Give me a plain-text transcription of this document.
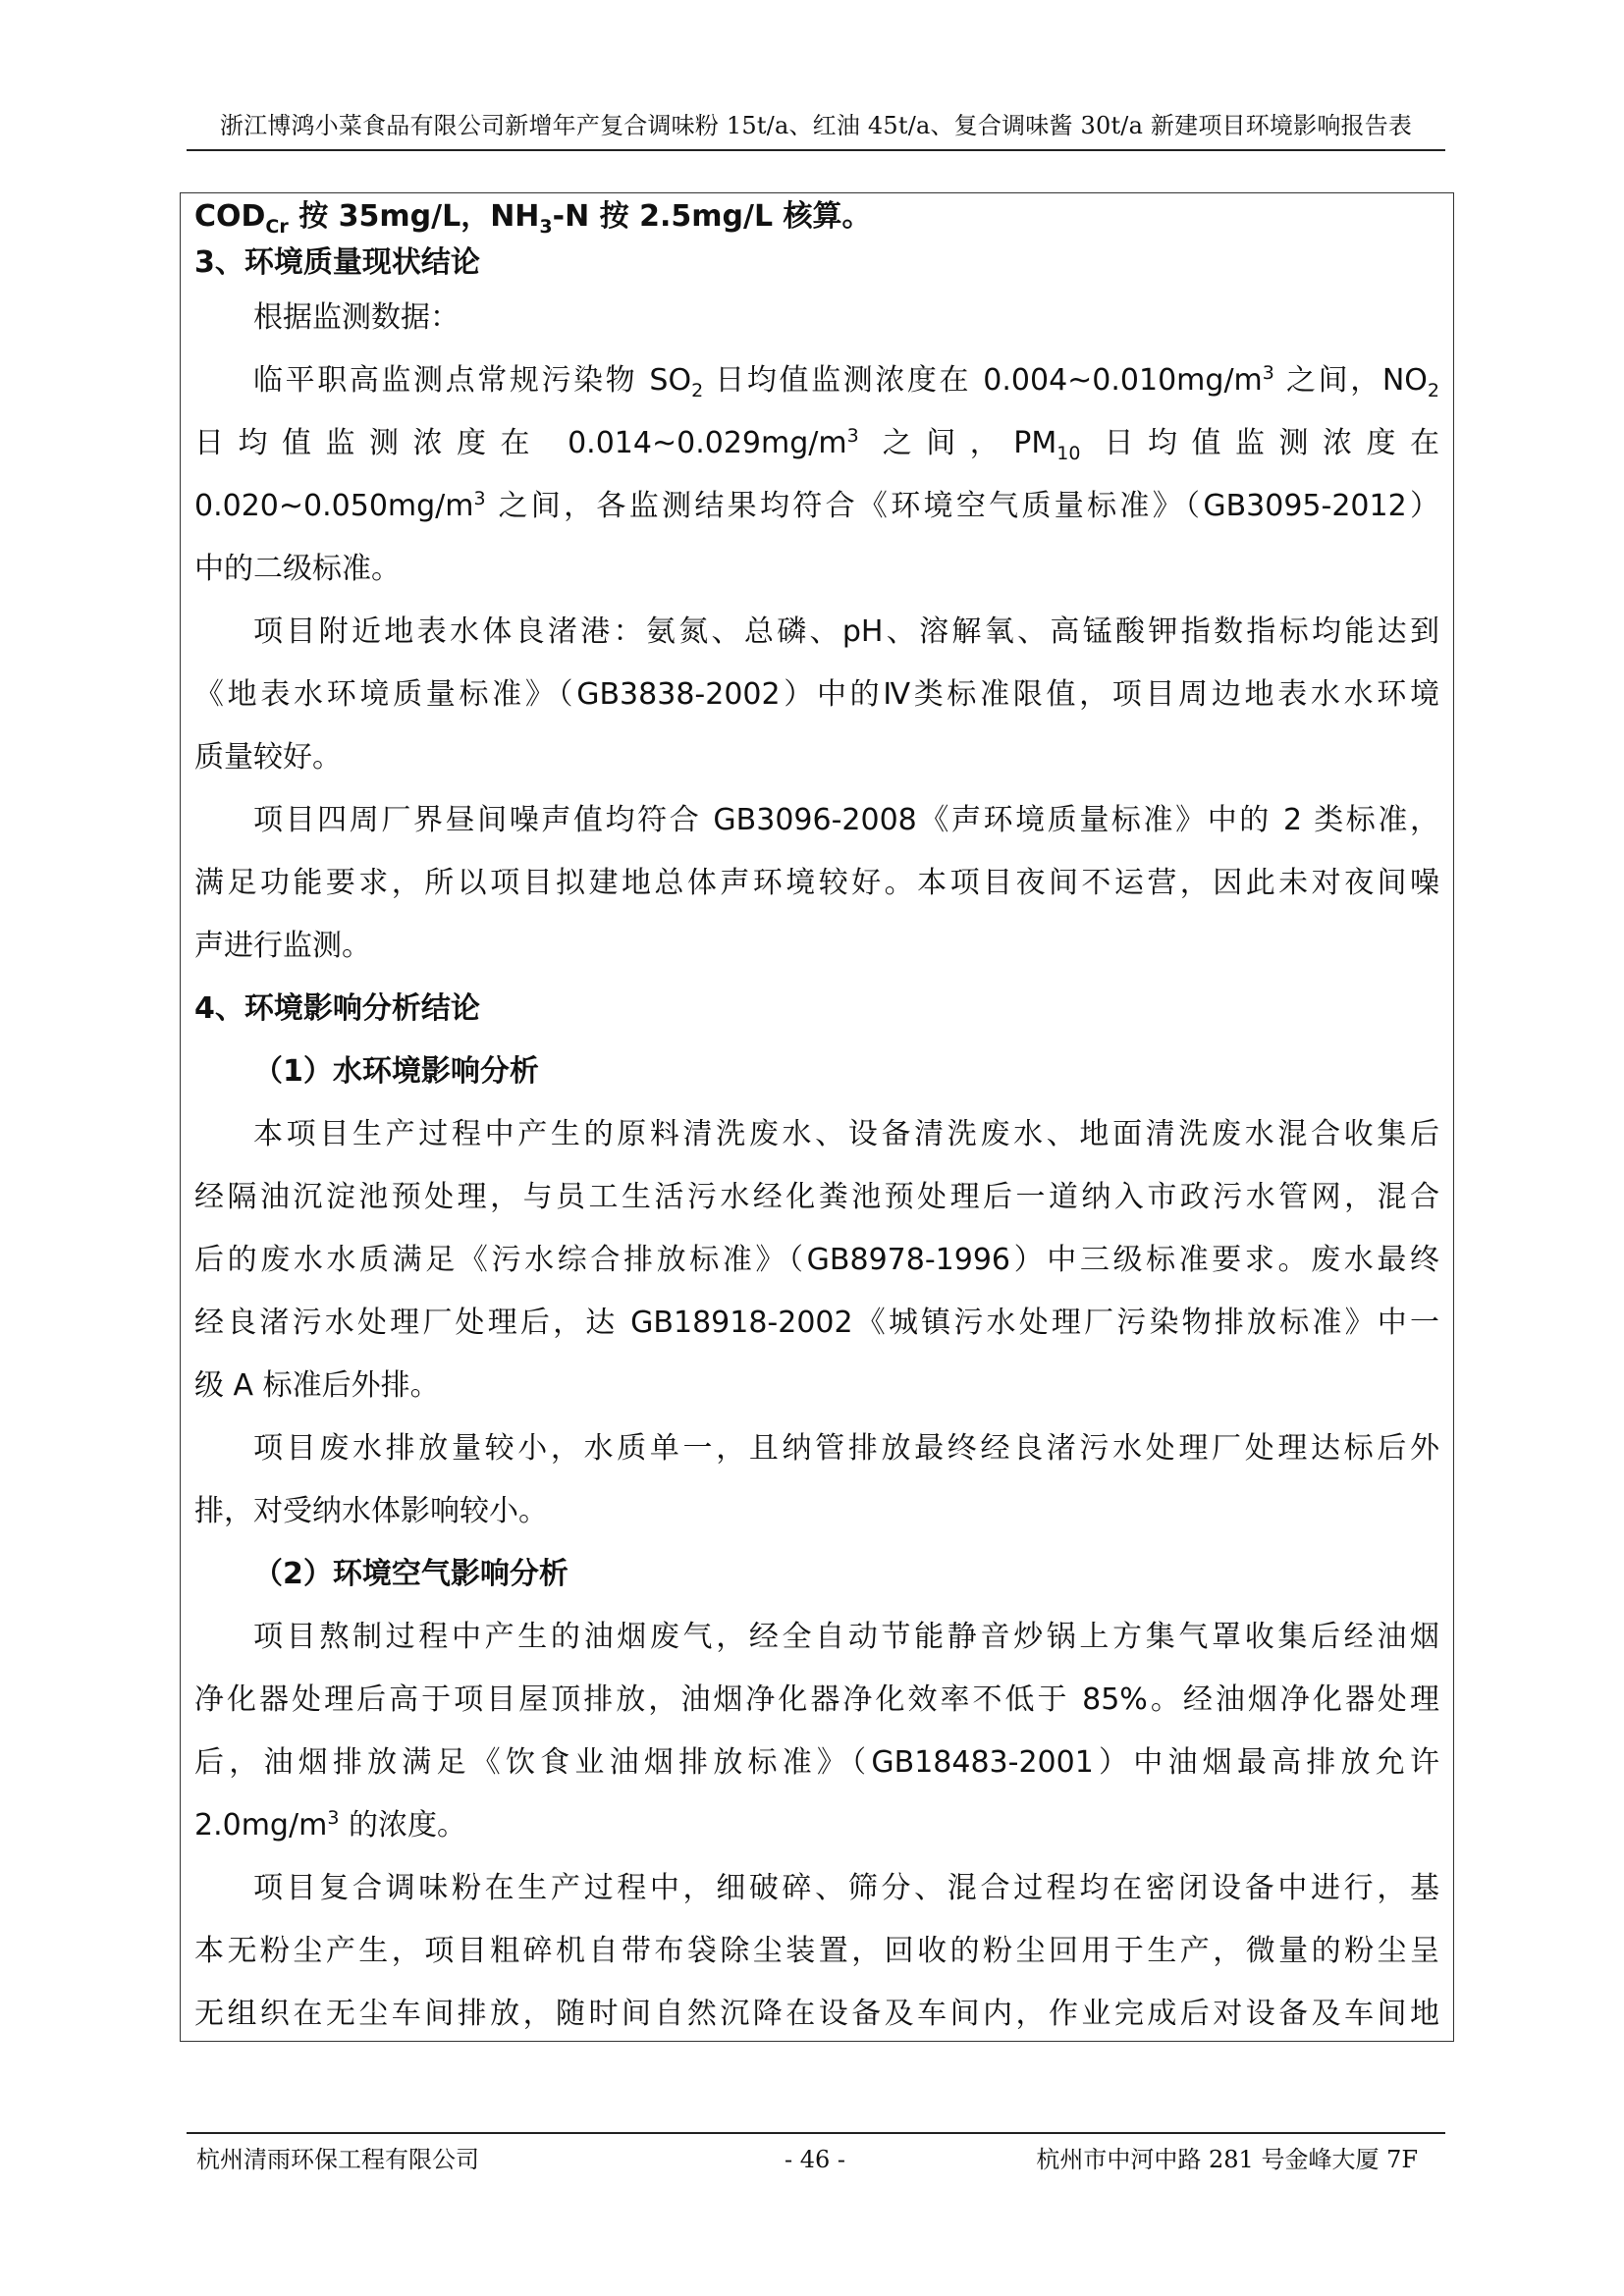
浙江博鸿小菜食品有限公司新增年产复合调味粉 15t/a、红油 45t/a、复合调味酱 30t/a 新建项目环境影响报告表
$COD_{Cr}$ 按 35mg/L，$NH_3-N$ 按 2.5mg/L 核算。
3、环境质量现状结论
根据监测数据：
临平职高监测点常规污染物 $SO_2$ 日均值监测浓度在 $0.004\sim 0.010mg/m^3$ 之间，$NO_2$
日均值监测浓度在 $0.014\sim 0.029mg/m^3$ 之间，$PM_{10}$ 日均值监测浓度在
$0.020\sim 0.050mg/m^3$ 之间，各监测结果均符合《环境空气质量标准》（GB3095-2012）
中的二级标准。
项目附近地表水体良渚港：氨氮、总磷、pH、溶解氧、高锰酸钾指数指标均能达到
《地表水环境质量标准》（GB3838-2002）中的Ⅳ类标准限值，项目周边地表水水环境
质量较好。
项目四周厂界昼间噪声值均符合 GB3096-2008《声环境质量标准》中的 2 类标准，
满足功能要求，所以项目拟建地总体声环境较好。本项目夜间不运营，因此未对夜间噪
声进行监测。
4、环境影响分析结论
（1）水环境影响分析
本项目生产过程中产生的原料清洗废水、设备清洗废水、地面清洗废水混合收集后
经隔油沉淀池预处理，与员工生活污水经化粪池预处理后一道纳入市政污水管网，混合
后的废水水质满足《污水综合排放标准》（GB8978-1996）中三级标准要求。废水最终
经良渚污水处理厂处理后，达 GB18918-2002《城镇污水处理厂污染物排放标准》中一
级 A 标准后外排。
项目废水排放量较小，水质单一，且纳管排放最终经良渚污水处理厂处理达标后外
排，对受纳水体影响较小。
（2）环境空气影响分析
项目熬制过程中产生的油烟废气，经全自动节能静音炒锅上方集气罩收集后经油烟
净化器处理后高于项目屋顶排放，油烟净化器净化效率不低于 85%。经油烟净化器处理
后，油烟排放满足《饮食业油烟排放标准》（GB18483-2001）中油烟最高排放允许
$2.0mg/m^3$ 的浓度。
项目复合调味粉在生产过程中，细破碎、筛分、混合过程均在密闭设备中进行，基
本无粉尘产生，项目粗碎机自带布袋除尘装置，回收的粉尘回用于生产，微量的粉尘呈
无组织在无尘车间排放，随时间自然沉降在设备及车间内，作业完成后对设备及车间地
杭州清雨环保工程有限公司	- 46 -	杭州市中河中路 281 号金峰大厦 7F
